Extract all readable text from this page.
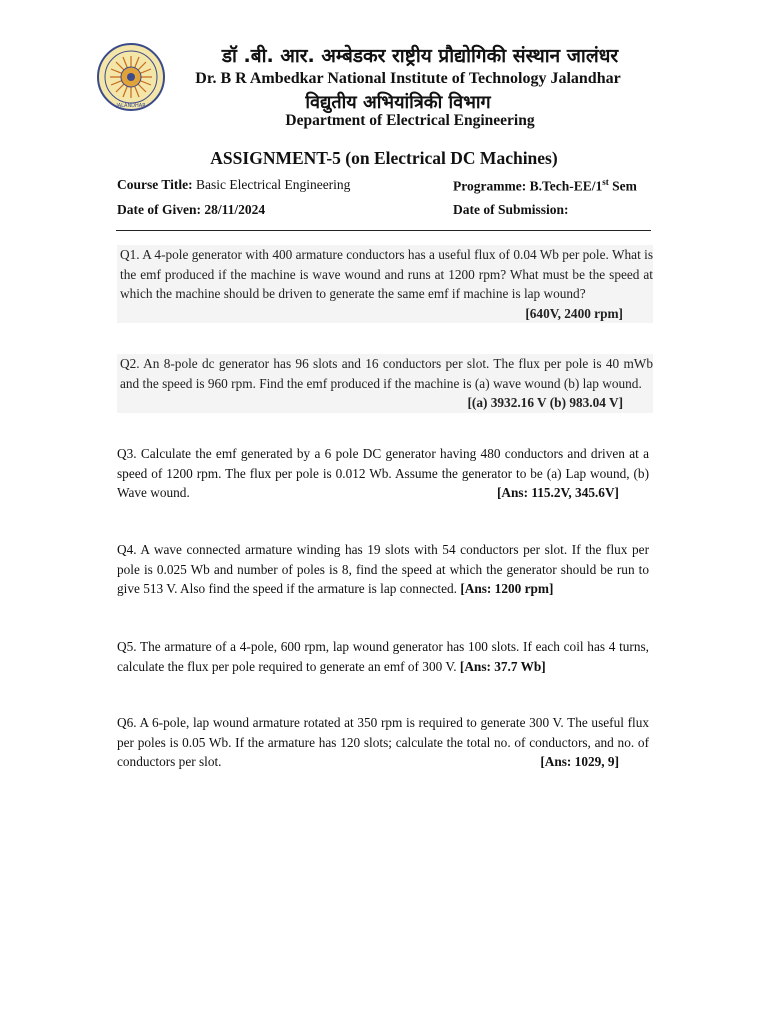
JALANDHAR
डॉ .बी. आर. अम्बेडकर राष्ट्रीय प्रौद्योगिकी संस्थान जालंधर
Dr. B R Ambedkar National Institute of Technology Jalandhar
विद्युतीय अभियांत्रिकी विभाग
Department of Electrical Engineering
ASSIGNMENT-5 (on Electrical DC Machines)
Course Title: Basic Electrical Engineering	Programme: B.Tech-EE/1st Sem
Date of Given: 28/11/2024	Date of Submission:
Q1. A 4-pole generator with 400 armature conductors has a useful flux of 0.04 Wb per pole. What is the emf produced if the machine is wave wound and runs at 1200 rpm? What must be the speed at which the machine should be driven to generate the same emf if machine is lap wound?
[640V, 2400 rpm]
Q2. An 8-pole dc generator has 96 slots and 16 conductors per slot. The flux per pole is 40 mWb and the speed is 960 rpm. Find the emf produced if the machine is (a) wave wound (b) lap wound.
[(a) 3932.16 V (b) 983.04 V]
Q3. Calculate the emf generated by a 6 pole DC generator having 480 conductors and driven at a speed of 1200 rpm. The flux per pole is 0.012 Wb. Assume the generator to be (a) Lap wound, (b) Wave wound.	[Ans: 115.2V, 345.6V]
Q4. A wave connected armature winding has 19 slots with 54 conductors per slot. If the flux per pole is 0.025 Wb and number of poles is 8, find the speed at which the generator should be run to give 513 V. Also find the speed if the armature is lap connected. [Ans: 1200 rpm]
Q5. The armature of a 4-pole, 600 rpm, lap wound generator has 100 slots. If each coil has 4 turns, calculate the flux per pole required to generate an emf of 300 V. [Ans: 37.7 Wb]
Q6. A 6-pole, lap wound armature rotated at 350 rpm is required to generate 300 V. The useful flux per poles is 0.05 Wb. If the armature has 120 slots; calculate the total no. of conductors, and no. of conductors per slot.	[Ans: 1029, 9]
